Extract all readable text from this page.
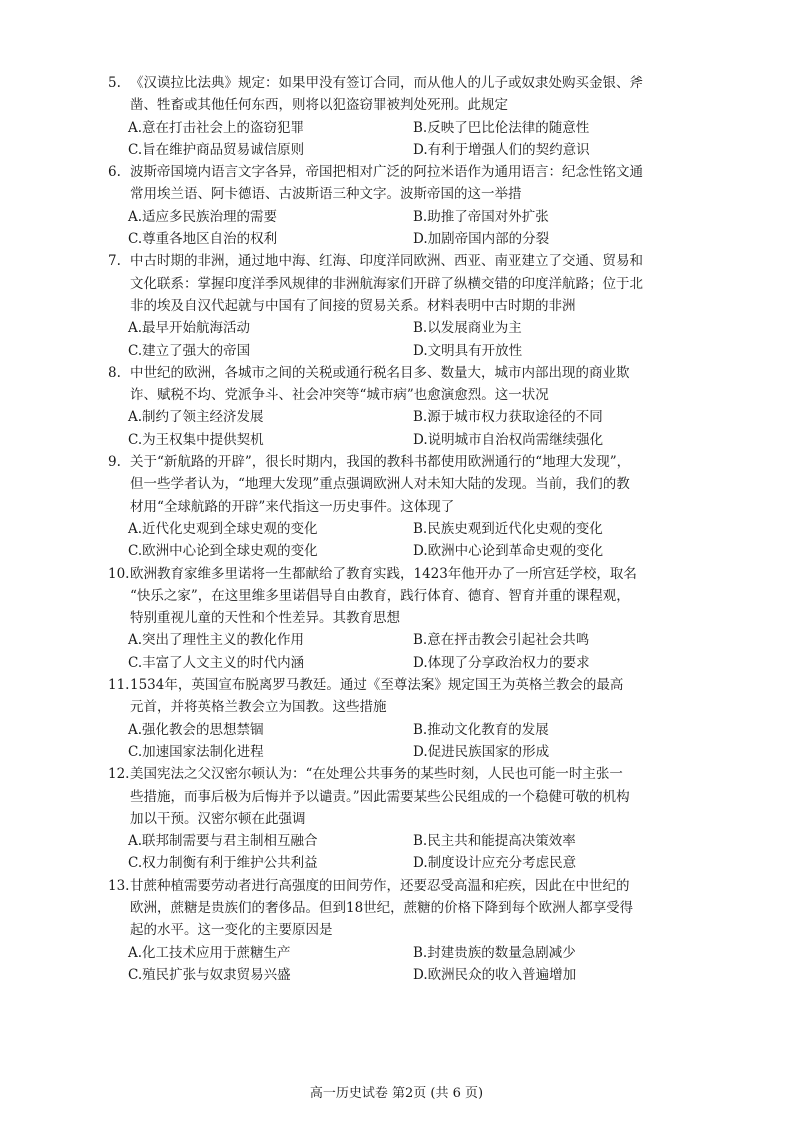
5. 《汉谟拉比法典》规定：如果甲没有签订合同，而从他人的儿子或奴隶处购买金银、斧
凿、牲畜或其他任何东西，则将以犯盗窃罪被判处死刑。此规定
A.意在打击社会上的盗窃犯罪	B.反映了巴比伦法律的随意性
C.旨在维护商品贸易诚信原则	D.有利于增强人们的契约意识
6. 波斯帝国境内语言文字各异，帝国把相对广泛的阿拉米语作为通用语言：纪念性铭文通
常用埃兰语、阿卡德语、古波斯语三种文字。波斯帝国的这一举措
A.适应多民族治理的需要	B.助推了帝国对外扩张
C.尊重各地区自治的权利	D.加剧帝国内部的分裂
7. 中古时期的非洲，通过地中海、红海、印度洋同欧洲、西亚、南亚建立了交通、贸易和
文化联系：掌握印度洋季风规律的非洲航海家们开辟了纵横交错的印度洋航路；位于北
非的埃及自汉代起就与中国有了间接的贸易关系。材料表明中古时期的非洲
A.最早开始航海活动	B.以发展商业为主
C.建立了强大的帝国	D.文明具有开放性
8. 中世纪的欧洲，各城市之间的关税或通行税名目多、数量大，城市内部出现的商业欺
诈、赋税不均、党派争斗、社会冲突等“城市病”也愈演愈烈。这一状况
A.制约了领主经济发展	B.源于城市权力获取途径的不同
C.为王权集中提供契机	D.说明城市自治权尚需继续强化
9. 关于“新航路的开辟”，很长时期内，我国的教科书都使用欧洲通行的“地理大发现”，
但一些学者认为，“地理大发现”重点强调欧洲人对未知大陆的发现。当前，我们的教
材用“全球航路的开辟”来代指这一历史事件。这体现了
A.近代化史观到全球史观的变化	B.民族史观到近代化史观的变化
C.欧洲中心论到全球史观的变化	D.欧洲中心论到革命史观的变化
10. 欧洲教育家维多里诺将一生都献给了教育实践，1423年他开办了一所宫廷学校，取名
“快乐之家”，在这里维多里诺倡导自由教育，践行体育、德育、智育并重的课程观，
特别重视儿童的天性和个性差异。其教育思想
A.突出了理性主义的教化作用	B.意在抨击教会引起社会共鸣
C.丰富了人文主义的时代内涵	D.体现了分享政治权力的要求
11. 1534年，英国宣布脱离罗马教廷。通过《至尊法案》规定国王为英格兰教会的最高
元首，并将英格兰教会立为国教。这些措施
A.强化教会的思想禁锢	B.推动文化教育的发展
C.加速国家法制化进程	D.促进民族国家的形成
12. 美国宪法之父汉密尔顿认为：“在处理公共事务的某些时刻，人民也可能一时主张一
些措施，而事后极为后悔并予以谴责。”因此需要某些公民组成的一个稳健可敬的机构
加以干预。汉密尔顿在此强调
A.联邦制需要与君主制相互融合	B.民主共和能提高决策效率
C.权力制衡有利于维护公共利益	D.制度设计应充分考虑民意
13. 甘蔗种植需要劳动者进行高强度的田间劳作，还要忍受高温和疟疾，因此在中世纪的
欧洲，蔗糖是贵族们的奢侈品。但到18世纪，蔗糖的价格下降到每个欧洲人都享受得
起的水平。这一变化的主要原因是
A.化工技术应用于蔗糖生产	B.封建贵族的数量急剧减少
C.殖民扩张与奴隶贸易兴盛	D.欧洲民众的收入普遍增加
高一历史试卷 第2页 (共 6 页)
